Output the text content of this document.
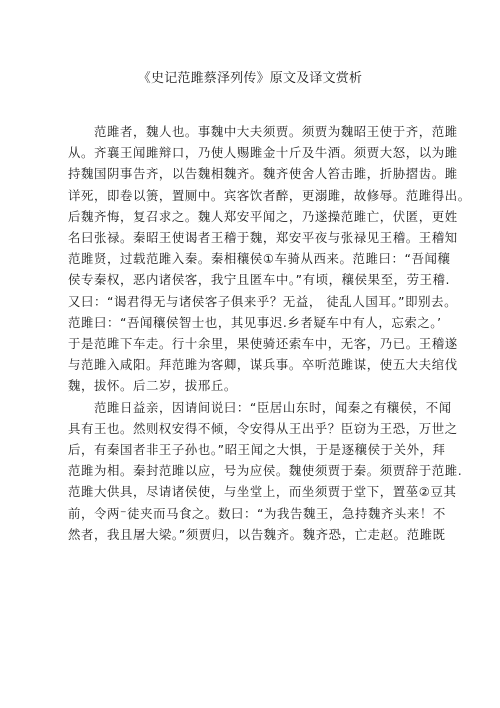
《史记范雎蔡泽列传》原文及译文赏析
范雎者，魏人也。事魏中大夫须贾。须贾为魏昭王使于齐，范雎
从。齐襄王闻雎辩口，乃使人赐雎金十斤及牛酒。须贾大怒，以为雎
持魏国阴事告齐，以告魏相魏齐。魏齐使舍人笞击雎，折胁摺齿。雎
详死，即卷以箦，置厕中。宾客饮者醉，更溺雎，故修辱。范雎得出。
后魏齐悔，复召求之。魏人郑安平闻之，乃遂操范雎亡，伏匿，更姓
名曰张禄。秦昭王使谒者王稽于魏，郑安平夜与张禄见王稽。王稽知
范雎贤，过载范雎入秦。秦相穰侯①车骑从西来。范雎曰：“吾闻穰
侯专秦权，恶内诸侯客，我宁且匿车中。”有顷，穰侯果至，劳王稽.
又曰：“谒君得无与诸侯客子俱来乎？无益， 徒乱人国耳。”即别去。
范雎曰：“吾闻穰侯智士也，其见事迟.乡者疑车中有人，忘索之。’
于是范雎下车走。行十余里，果使骑还索车中，无客，乃已。王稽遂
与范雎入咸阳。拜范雎为客卿，谋兵事。卒听范雎谋，使五大夫绾伐
魏，拔怀。后二岁，拔邢丘。
范雎日益亲，因请间说曰：“臣居山东时，闻秦之有穰侯，不闻
具有王也。然则权安得不倾，令安得从王出乎？臣窃为王恐，万世之
后，有秦国者非王子孙也。”昭王闻之大惧，于是逐穰侯于关外，拜
范雎为相。秦封范雎以应，号为应侯。魏使须贾于秦。须贾辞于范雎.
范雎大供具，尽请诸侯使，与坐堂上，而坐须贾于堂下，置莝②豆其
前，令两⁻徒夹而马食之。数曰：“为我告魏王，急持魏齐头来！不
然者，我且屠大梁。”须贾归，以告魏齐。魏齐恐，亡走赵。范雎既
